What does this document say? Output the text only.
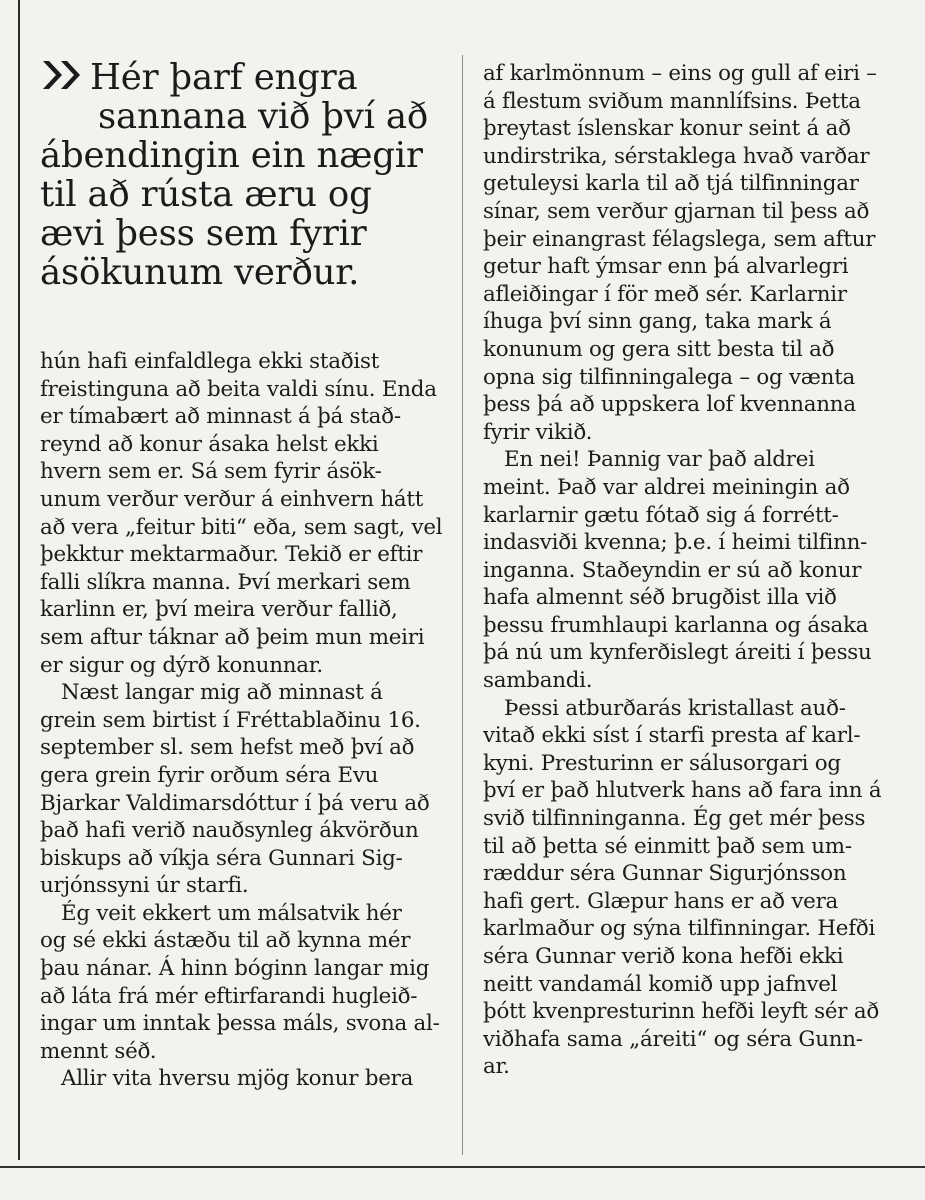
Hér þarf engra
sannana við því að
ábendingin ein nægir
til að rústa æru og
ævi þess sem fyrir
ásökunum verður.
hún hafi einfaldlega ekki staðist
freistinguna að beita valdi sínu. Enda
er tímabært að minnast á þá stað-
reynd að konur ásaka helst ekki
hvern sem er. Sá sem fyrir ásök-
unum verður verður á einhvern hátt
að vera „feitur biti“ eða, sem sagt, vel
þekktur mektarmaður. Tekið er eftir
falli slíkra manna. Því merkari sem
karlinn er, því meira verður fallið,
sem aftur táknar að þeim mun meiri
er sigur og dýrð konunnar.
Næst langar mig að minnast á
grein sem birtist í Fréttablaðinu 16.
september sl. sem hefst með því að
gera grein fyrir orðum séra Evu
Bjarkar Valdimarsdóttur í þá veru að
það hafi verið nauðsynleg ákvörðun
biskups að víkja séra Gunnari Sig-
urjónssyni úr starfi.
Ég veit ekkert um málsatvik hér
og sé ekki ástæðu til að kynna mér
þau nánar. Á hinn bóginn langar mig
að láta frá mér eftirfarandi hugleið-
ingar um inntak þessa máls, svona al-
mennt séð.
Allir vita hversu mjög konur bera
af karlmönnum – eins og gull af eiri –
á flestum sviðum mannlífsins. Þetta
þreytast íslenskar konur seint á að
undirstrika, sérstaklega hvað varðar
getuleysi karla til að tjá tilfinningar
sínar, sem verður gjarnan til þess að
þeir einangrast félagslega, sem aftur
getur haft ýmsar enn þá alvarlegri
afleiðingar í för með sér. Karlarnir
íhuga því sinn gang, taka mark á
konunum og gera sitt besta til að
opna sig tilfinningalega – og vænta
þess þá að uppskera lof kvennanna
fyrir vikið.
En nei! Þannig var það aldrei
meint. Það var aldrei meiningin að
karlarnir gætu fótað sig á forrétt-
indasviði kvenna; þ.e. í heimi tilfinn-
inganna. Staðeyndin er sú að konur
hafa almennt séð brugðist illa við
þessu frumhlaupi karlanna og ásaka
þá nú um kynferðislegt áreiti í þessu
sambandi.
Þessi atburðarás kristallast auð-
vitað ekki síst í starfi presta af karl-
kyni. Presturinn er sálusorgari og
því er það hlutverk hans að fara inn á
svið tilfinninganna. Ég get mér þess
til að þetta sé einmitt það sem um-
ræddur séra Gunnar Sigurjónsson
hafi gert. Glæpur hans er að vera
karlmaður og sýna tilfinningar. Hefði
séra Gunnar verið kona hefði ekki
neitt vandamál komið upp jafnvel
þótt kvenpresturinn hefði leyft sér að
viðhafa sama „áreiti“ og séra Gunn-
ar.
